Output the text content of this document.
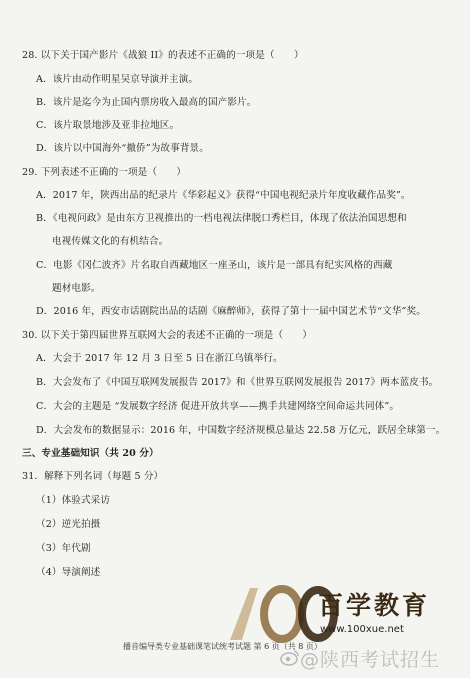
28. 以下关于国产影片《战狼 II》的表述不正确的一项是（　　）
A．该片由动作明星吴京导演并主演。
B．该片是迄今为止国内票房收入最高的国产影片。
C．该片取景地涉及亚非拉地区。
D．该片以中国海外“撤侨”为故事背景。
29. 下列表述不正确的一项是（　　）
A．2017 年，陕西出品的纪录片《华彩起义》获得“中国电视纪录片年度收藏作品奖”。
B．《电视问政》是由东方卫视推出的一档电视法律脱口秀栏目，体现了依法治国思想和
电视传媒文化的有机结合。
C．电影《冈仁波齐》片名取自西藏地区一座圣山，该片是一部具有纪实风格的西藏
题材电影。
D．2016 年，西安市话剧院出品的话剧《麻醉师》，获得了第十一届中国艺术节“文华”奖。
30. 以下关于第四届世界互联网大会的表述不正确的一项是（　　）
A．大会于 2017 年 12 月 3 日至 5 日在浙江乌镇举行。
B．大会发布了《中国互联网发展报告 2017》和《世界互联网发展报告 2017》两本蓝皮书。
C．大会的主题是 “发展数字经济 促进开放共享——携手共建网络空间命运共同体”。
D．大会发布的数据显示：2016 年，中国数字经济规模总量达 22.58 万亿元，跃居全球第一。
三、专业基础知识（共 20 分）
31．解释下列名词（每题 5 分）
（1）体验式采访
（2）逆光拍摄
（3）年代剧
（4）导演阐述
百学教育
www.100xue.net
播音编导类专业基础课笔试统考试题 第 6 页（共 8 页）
@陕西考试招生
